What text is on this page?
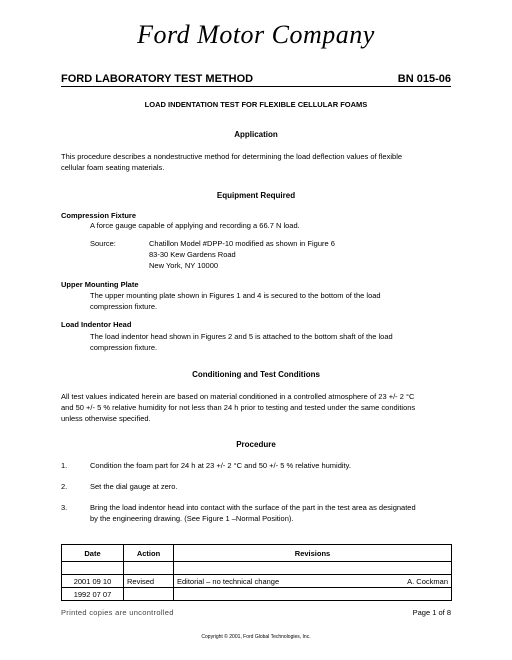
Ford Motor Company
FORD LABORATORY TEST METHOD	BN 015-06
LOAD INDENTATION TEST FOR FLEXIBLE CELLULAR FOAMS
Application
This procedure describes a nondestructive method for determining the load deflection values of flexible
cellular foam seating materials.
Equipment Required
Compression Fixture
A force gauge capable of applying and recording a 66.7 N load.
Source:	Chatillon Model #DPP-10 modified as shown in Figure 6
83-30 Kew Gardens Road
New York, NY 10000
Upper Mounting Plate
The upper mounting plate shown in Figures 1 and 4 is secured to the bottom of the load
compression fixture.
Load Indentor Head
The load indentor head shown in Figures 2 and 5 is attached to the bottom shaft of the load
compression fixture.
Conditioning and Test Conditions
All test values indicated herein are based on material conditioned in a controlled atmosphere of 23 +/- 2 °C
and 50 +/- 5 % relative humidity for not less than 24 h prior to testing and tested under the same conditions
unless otherwise specified.
Procedure
1.	Condition the foam part for 24 h at 23 +/- 2 °C and 50 +/- 5 % relative humidity.
2.	Set the dial gauge at zero.
3.	Bring the load indentor head into contact with the surface of the part in the test area as designated
by the engineering drawing. (See Figure 1 –Normal Position).
Date	Action	Revisions	

2001 09 10	Revised	Editorial – no technical change	A. Cockman
1992 07 07			
Printed copies are uncontrolled	Page 1 of 8
Copyright © 2001, Ford Global Technologies, Inc.
